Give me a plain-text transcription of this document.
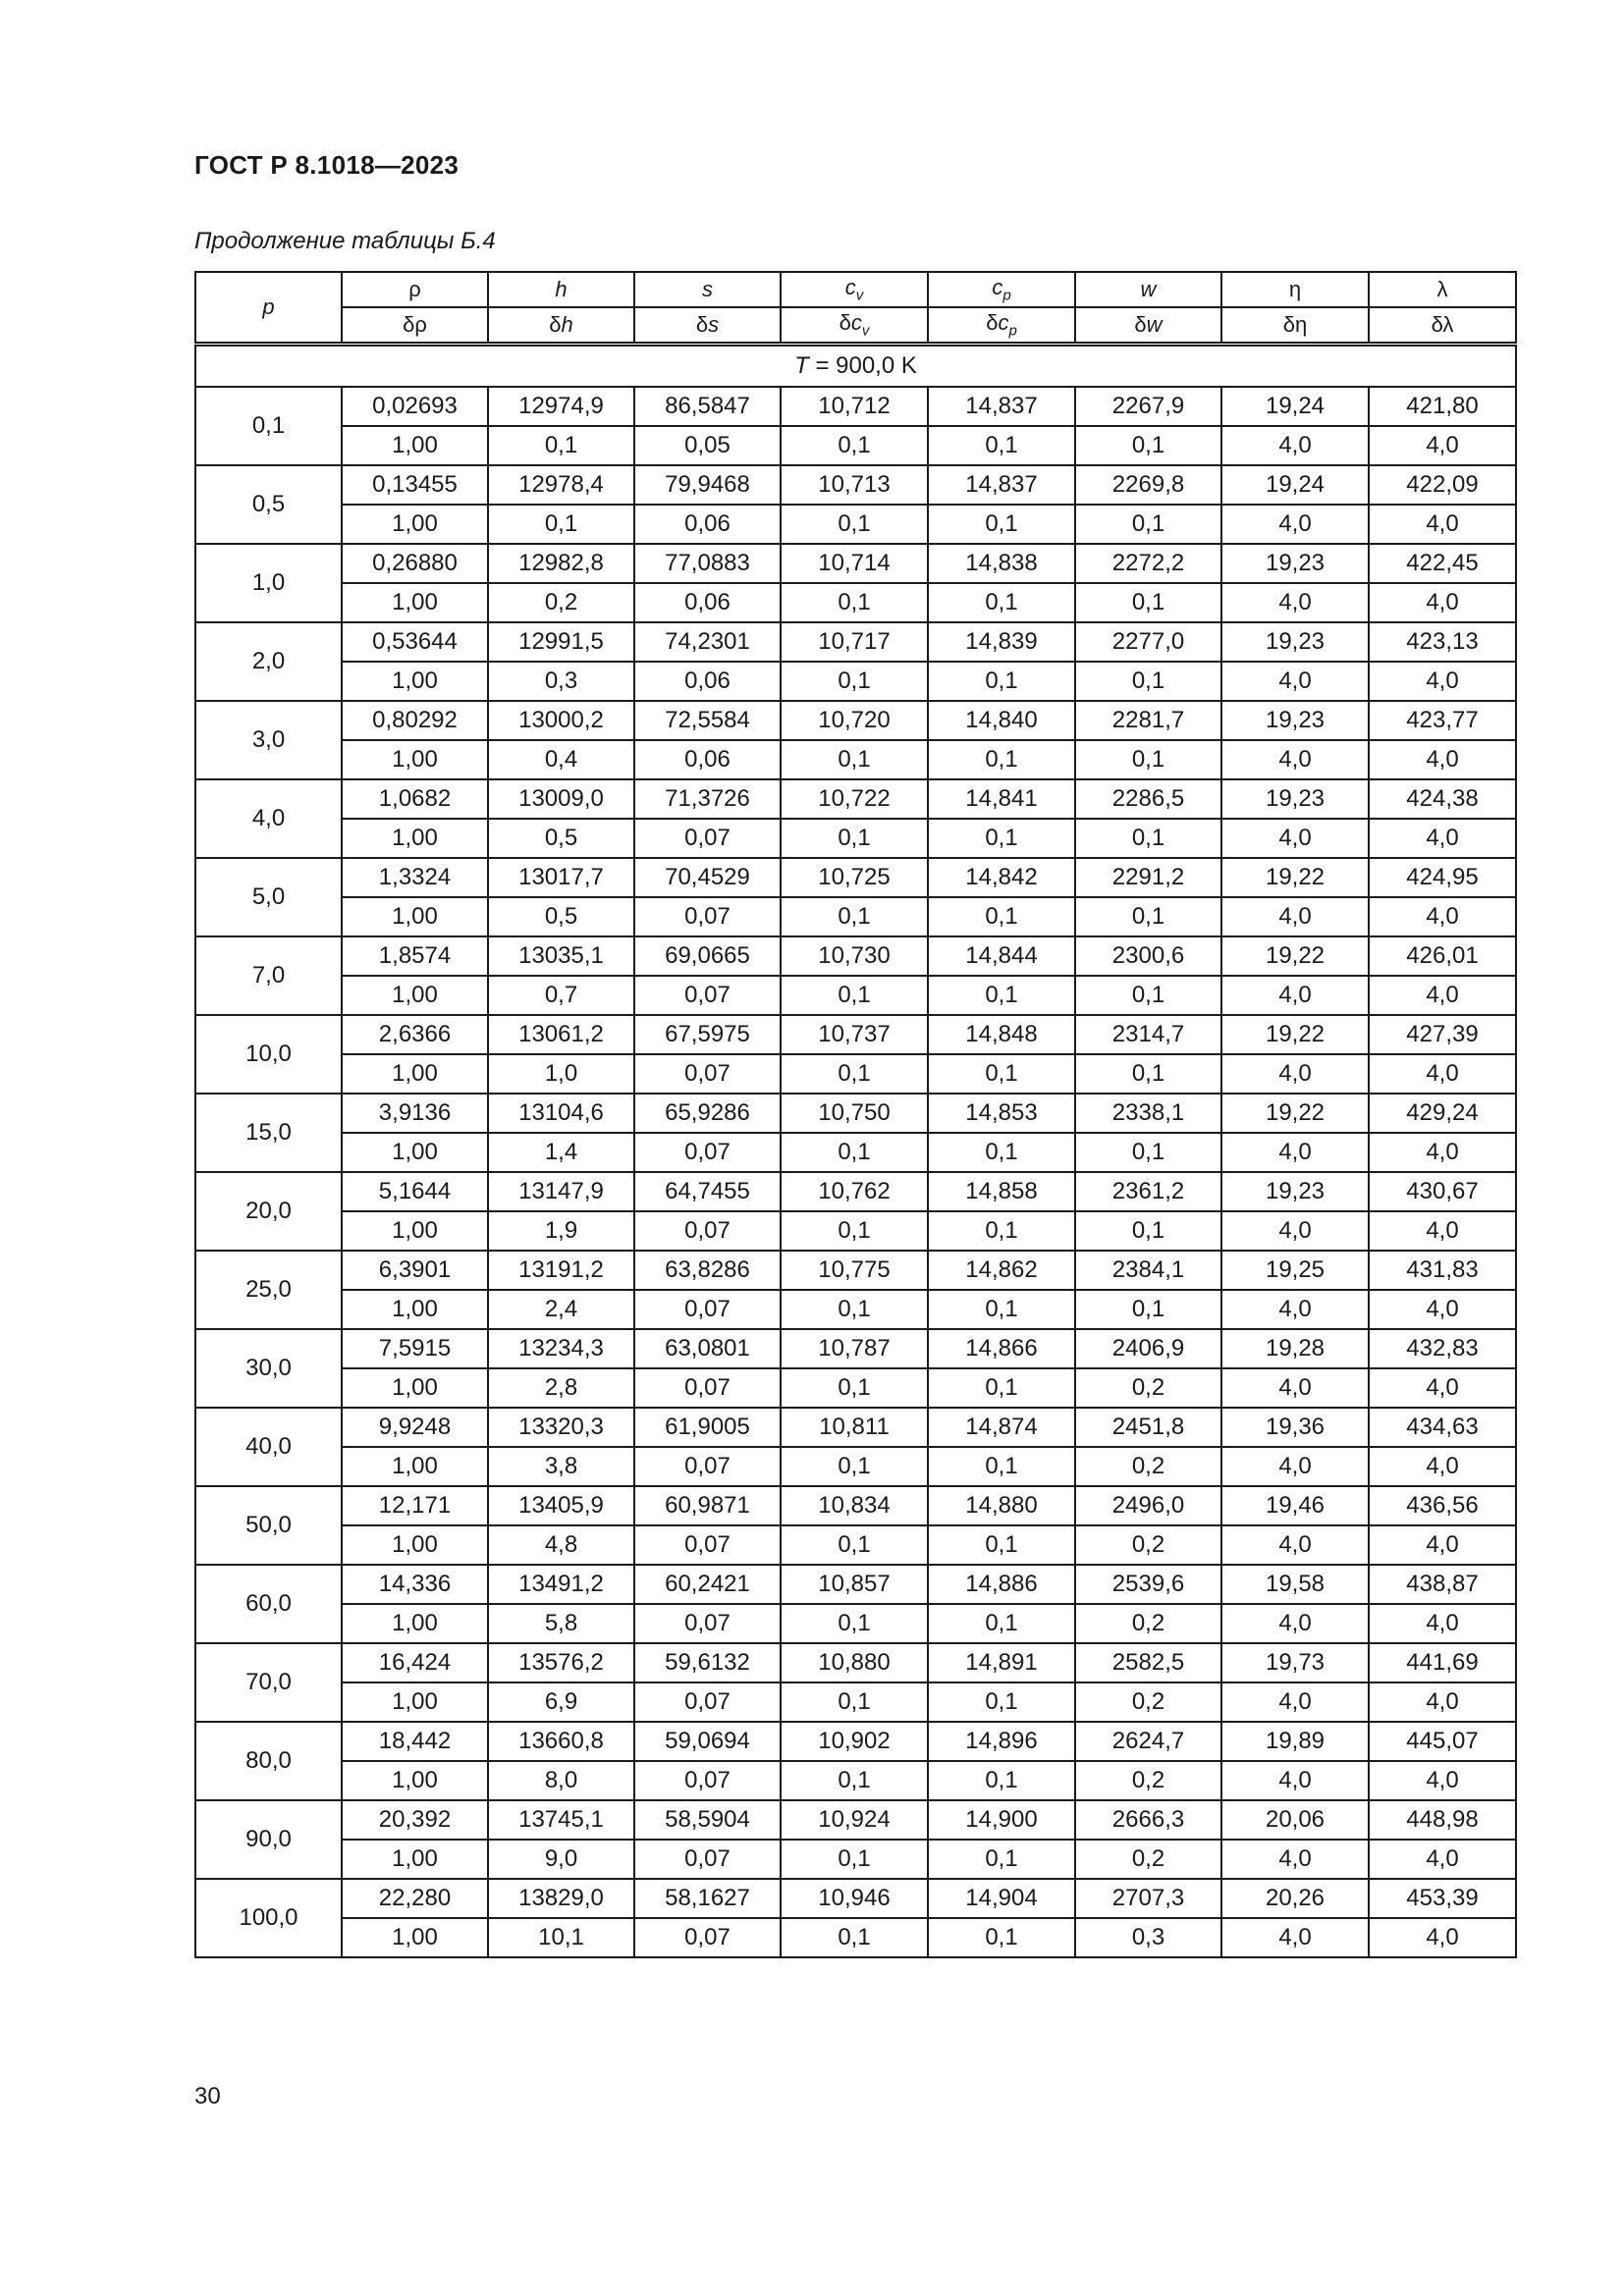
ГОСТ Р 8.1018—2023
Продолжение таблицы Б.4
p	ρ	h	s	$c_v$	$c_p$	w	η	λ
	δρ	δh	δs	$\delta c_v$	$\delta c_p$	δw	δη	δλ
T = 900,0 K								
0,1	0,02693	12974,9	86,5847	10,712	14,837	2267,9	19,24	421,80
	1,00	0,1	0,05	0,1	0,1	0,1	4,0	4,0
0,5	0,13455	12978,4	79,9468	10,713	14,837	2269,8	19,24	422,09
	1,00	0,1	0,06	0,1	0,1	0,1	4,0	4,0
1,0	0,26880	12982,8	77,0883	10,714	14,838	2272,2	19,23	422,45
	1,00	0,2	0,06	0,1	0,1	0,1	4,0	4,0
2,0	0,53644	12991,5	74,2301	10,717	14,839	2277,0	19,23	423,13
	1,00	0,3	0,06	0,1	0,1	0,1	4,0	4,0
3,0	0,80292	13000,2	72,5584	10,720	14,840	2281,7	19,23	423,77
	1,00	0,4	0,06	0,1	0,1	0,1	4,0	4,0
4,0	1,0682	13009,0	71,3726	10,722	14,841	2286,5	19,23	424,38
	1,00	0,5	0,07	0,1	0,1	0,1	4,0	4,0
5,0	1,3324	13017,7	70,4529	10,725	14,842	2291,2	19,22	424,95
	1,00	0,5	0,07	0,1	0,1	0,1	4,0	4,0
7,0	1,8574	13035,1	69,0665	10,730	14,844	2300,6	19,22	426,01
	1,00	0,7	0,07	0,1	0,1	0,1	4,0	4,0
10,0	2,6366	13061,2	67,5975	10,737	14,848	2314,7	19,22	427,39
	1,00	1,0	0,07	0,1	0,1	0,1	4,0	4,0
15,0	3,9136	13104,6	65,9286	10,750	14,853	2338,1	19,22	429,24
	1,00	1,4	0,07	0,1	0,1	0,1	4,0	4,0
20,0	5,1644	13147,9	64,7455	10,762	14,858	2361,2	19,23	430,67
	1,00	1,9	0,07	0,1	0,1	0,1	4,0	4,0
25,0	6,3901	13191,2	63,8286	10,775	14,862	2384,1	19,25	431,83
	1,00	2,4	0,07	0,1	0,1	0,1	4,0	4,0
30,0	7,5915	13234,3	63,0801	10,787	14,866	2406,9	19,28	432,83
	1,00	2,8	0,07	0,1	0,1	0,2	4,0	4,0
40,0	9,9248	13320,3	61,9005	10,811	14,874	2451,8	19,36	434,63
	1,00	3,8	0,07	0,1	0,1	0,2	4,0	4,0
50,0	12,171	13405,9	60,9871	10,834	14,880	2496,0	19,46	436,56
	1,00	4,8	0,07	0,1	0,1	0,2	4,0	4,0
60,0	14,336	13491,2	60,2421	10,857	14,886	2539,6	19,58	438,87
	1,00	5,8	0,07	0,1	0,1	0,2	4,0	4,0
70,0	16,424	13576,2	59,6132	10,880	14,891	2582,5	19,73	441,69
	1,00	6,9	0,07	0,1	0,1	0,2	4,0	4,0
80,0	18,442	13660,8	59,0694	10,902	14,896	2624,7	19,89	445,07
	1,00	8,0	0,07	0,1	0,1	0,2	4,0	4,0
90,0	20,392	13745,1	58,5904	10,924	14,900	2666,3	20,06	448,98
	1,00	9,0	0,07	0,1	0,1	0,2	4,0	4,0
100,0	22,280	13829,0	58,1627	10,946	14,904	2707,3	20,26	453,39
	1,00	10,1	0,07	0,1	0,1	0,3	4,0	4,0
30
